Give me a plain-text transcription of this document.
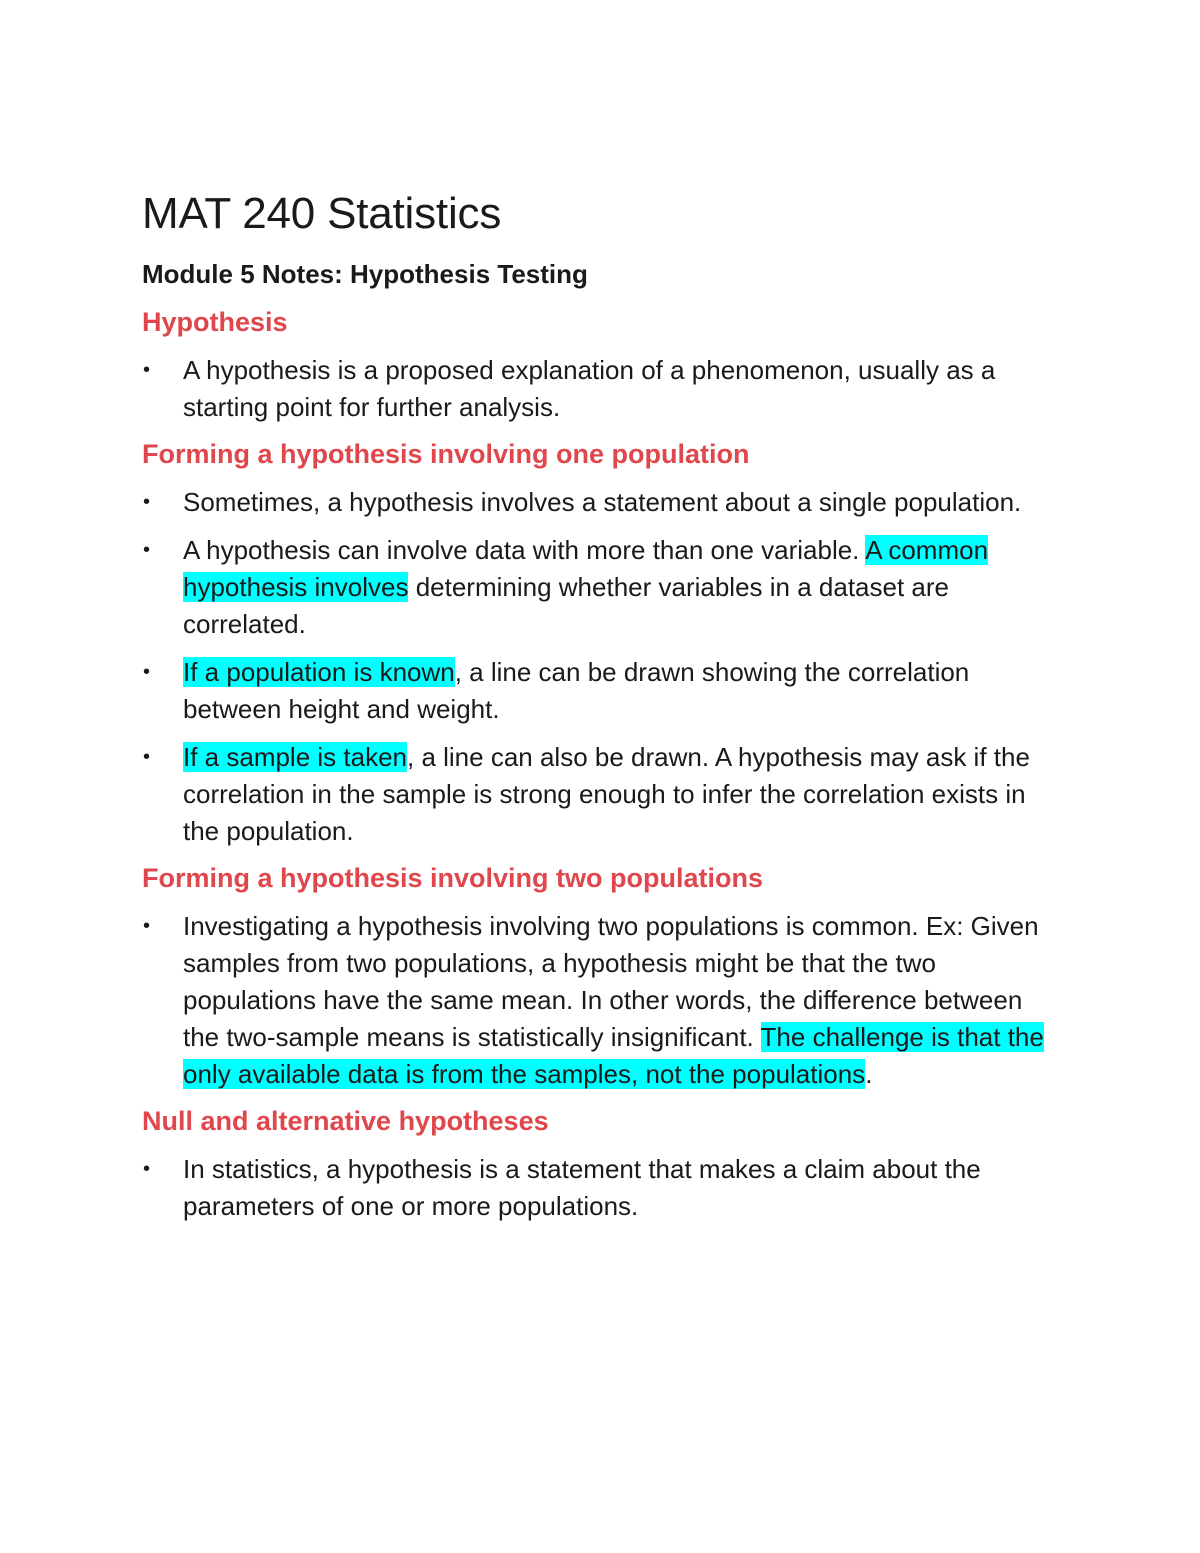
MAT 240 Statistics
Module 5 Notes: Hypothesis Testing
Hypothesis
• A hypothesis is a proposed explanation of a phenomenon, usually as a starting point for further analysis.
Forming a hypothesis involving one population
• Sometimes, a hypothesis involves a statement about a single population.
• A hypothesis can involve data with more than one variable. A common hypothesis involves determining whether variables in a dataset are correlated.
• If a population is known, a line can be drawn showing the correlation between height and weight.
• If a sample is taken, a line can also be drawn. A hypothesis may ask if the correlation in the sample is strong enough to infer the correlation exists in the population.
Forming a hypothesis involving two populations
• Investigating a hypothesis involving two populations is common. Ex: Given samples from two populations, a hypothesis might be that the two populations have the same mean. In other words, the difference between the two-sample means is statistically insignificant. The challenge is that the only available data is from the samples, not the populations.
Null and alternative hypotheses
• In statistics, a hypothesis is a statement that makes a claim about the parameters of one or more populations.
